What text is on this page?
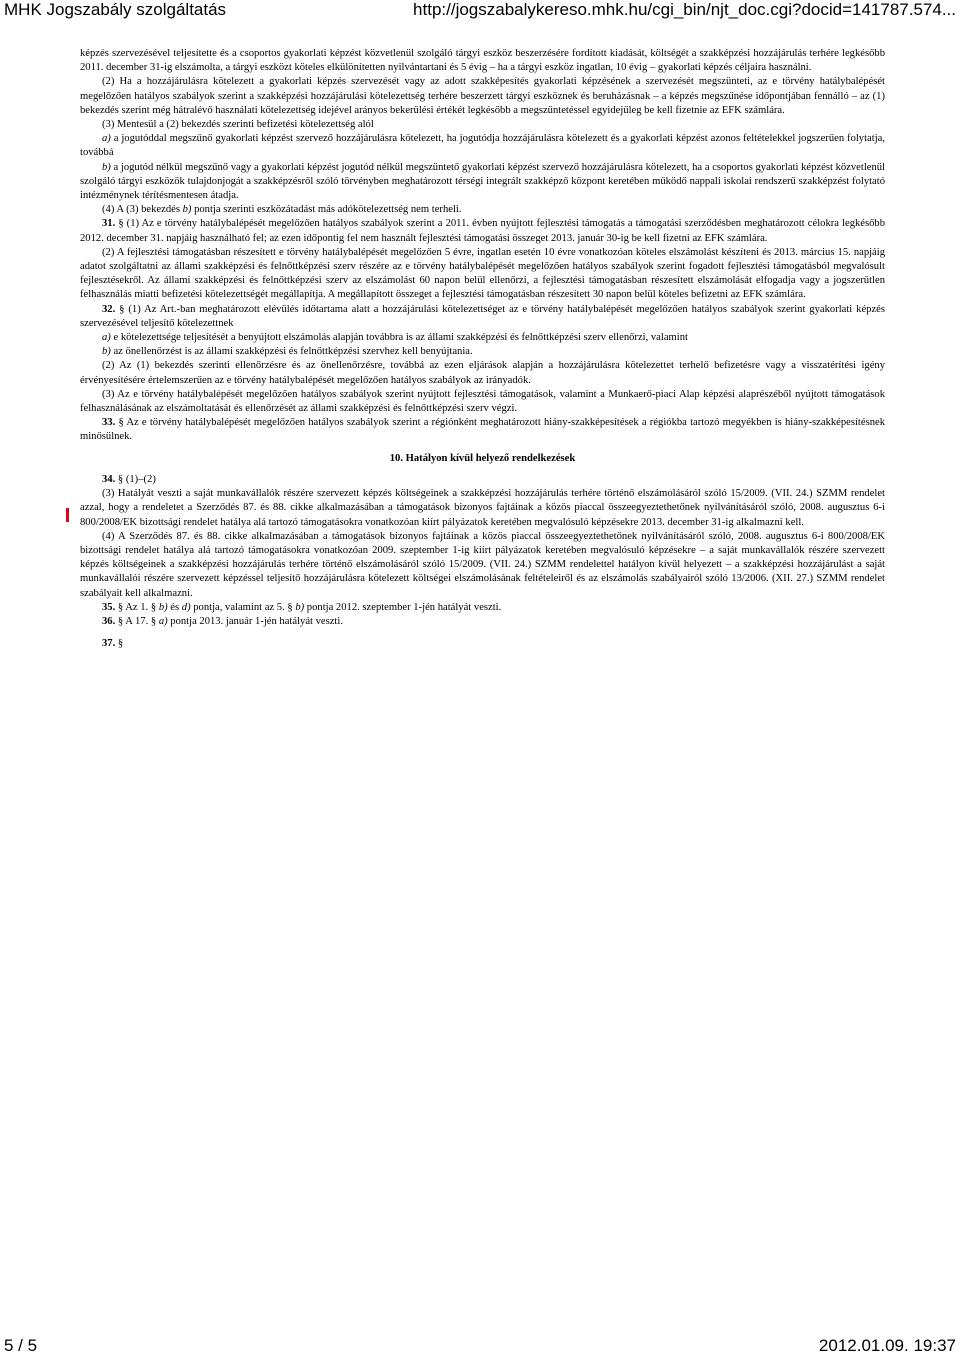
MHK Jogszabály szolgáltatás	http://jogszabalykereso.mhk.hu/cgi_bin/njt_doc.cgi?docid=141787.574...

képzés szervezésével teljesítette és a csoportos gyakorlati képzést közvetlenül szolgáló tárgyi eszköz beszerzésére fordított kiadását, költségét a szakképzési hozzájárulás terhére legkésőbb 2011. december 31-ig elszámolta, a tárgyi eszközt köteles elkülönítetten nyilvántartani és 5 évig – ha a tárgyi eszköz ingatlan, 10 évig – gyakorlati képzés céljaira használni.

(2) Ha a hozzájárulásra kötelezett a gyakorlati képzés szervezését vagy az adott szakképesítés gyakorlati képzésének a szervezését megszünteti, az e törvény hatálybalépését megelőzően hatályos szabályok szerint a szakképzési hozzájárulási kötelezettség terhére beszerzett tárgyi eszköznek és beruházásnak – a képzés megszűnése időpontjában fennálló – az (1) bekezdés szerint még hátralévő használati kötelezettség idejével arányos bekerülési értékét legkésőbb a megszüntetéssel egyidejűleg be kell fizetnie az EFK számlára.

(3) Mentesül a (2) bekezdés szerinti befizetési kötelezettség alól

a) a jogutóddal megszűnő gyakorlati képzést szervező hozzájárulásra kötelezett, ha jogutódja hozzájárulásra kötelezett és a gyakorlati képzést azonos feltételekkel jogszerűen folytatja, továbbá

b) a jogutód nélkül megszűnő vagy a gyakorlati képzést jogutód nélkül megszüntető gyakorlati képzést szervező hozzájárulásra kötelezett, ha a csoportos gyakorlati képzést közvetlenül szolgáló tárgyi eszközök tulajdonjogát a szakképzésről szóló törvényben meghatározott térségi integrált szakképző központ keretében működő nappali iskolai rendszerű szakképzést folytató intézménynek térítésmentesen átadja.

(4) A (3) bekezdés b) pontja szerinti eszközátadást más adókötelezettség nem terheli.

31. § (1) Az e törvény hatálybalépését megelőzően hatályos szabályok szerint a 2011. évben nyújtott fejlesztési támogatás a támogatási szerződésben meghatározott célokra legkésőbb 2012. december 31. napjáig használható fel; az ezen időpontig fel nem használt fejlesztési támogatási összeget 2013. január 30-ig be kell fizetni az EFK számlára.

(2) A fejlesztési támogatásban részesített e törvény hatálybalépését megelőzően 5 évre, ingatlan esetén 10 évre vonatkozóan köteles elszámolást készíteni és 2013. március 15. napjáig adatot szolgáltatni az állami szakképzési és felnőttképzési szerv részére az e törvény hatálybalépését megelőzően hatályos szabályok szerint fogadott fejlesztési támogatásból megvalósult fejlesztésekről. Az állami szakképzési és felnőttképzési szerv az elszámolást 60 napon belül ellenőrzi, a fejlesztési támogatásban részesített elszámolását elfogadja vagy a jogszerűtlen felhasználás miatti befizetési kötelezettségét megállapítja. A megállapított összeget a fejlesztési támogatásban részesített 30 napon belül köteles befizetni az EFK számlára.

32. § (1) Az Art.-ban meghatározott elévülés időtartama alatt a hozzájárulási kötelezettséget az e törvény hatálybalépését megelőzően hatályos szabályok szerint gyakorlati képzés szervezésével teljesítő kötelezettnek

a) e kötelezettsége teljesítését a benyújtott elszámolás alapján továbbra is az állami szakképzési és felnőttképzési szerv ellenőrzi, valamint

b) az önellenőrzést is az állami szakképzési és felnőttképzési szervhez kell benyújtania.

(2) Az (1) bekezdés szerinti ellenőrzésre és az önellenőrzésre, továbbá az ezen eljárások alapján a hozzájárulásra kötelezettet terhelő befizetésre vagy a visszatérítési igény érvényesítésére értelemszerűen az e törvény hatálybalépését megelőzően hatályos szabályok az irányadók.

(3) Az e törvény hatálybalépését megelőzően hatályos szabályok szerint nyújtott fejlesztési támogatások, valamint a Munkaerő-piaci Alap képzési alaprészéből nyújtott támogatások felhasználásának az elszámoltatását és ellenőrzését az állami szakképzési és felnőttképzési szerv végzi.

33. § Az e törvény hatálybalépését megelőzően hatályos szabályok szerint a régiónként meghatározott hiány-szakképesítések a régiókba tartozó megyékben is hiány-szakképesítésnek minősülnek.

10. Hatályon kívül helyező rendelkezések

34. § (1)–(2)

(3) Hatályát veszti a saját munkavállalók részére szervezett képzés költségeinek a szakképzési hozzájárulás terhére történő elszámolásáról szóló 15/2009. (VII. 24.) SZMM rendelet azzal, hogy a rendeletet a Szerződés 87. és 88. cikke alkalmazásában a támogatások bizonyos fajtáinak a közös piaccal összeegyeztethetőnek nyilvánításáról szóló, 2008. augusztus 6-i 800/2008/EK bizottsági rendelet hatálya alá tartozó támogatásokra vonatkozóan kiírt pályázatok keretében megvalósuló képzésekre 2013. december 31-ig alkalmazni kell.

(4) A Szerződés 87. és 88. cikke alkalmazásában a támogatások bizonyos fajtáinak a közös piaccal összeegyeztethetőnek nyilvánításáról szóló, 2008. augusztus 6-i 800/2008/EK bizottsági rendelet hatálya alá tartozó támogatásokra vonatkozóan 2009. szeptember 1-ig kiírt pályázatok keretében megvalósuló képzésekre – a saját munkavállalók részére szervezett képzés költségeinek a szakképzési hozzájárulás terhére történő elszámolásáról szóló 15/2009. (VII. 24.) SZMM rendelettel hatályon kívül helyezett – a szakképzési hozzájárulást a saját munkavállalói részére szervezett képzéssel teljesítő hozzájárulásra kötelezett költségei elszámolásának feltételeiről és az elszámolás szabályairól szóló 13/2006. (XII. 27.) SZMM rendelet szabályait kell alkalmazni.

35. § Az 1. § b) és d) pontja, valamint az 5. § b) pontja 2012. szeptember 1-jén hatályát veszti.

36. § A 17. § a) pontja 2013. január 1-jén hatályát veszti.

37. §

5 / 5	2012.01.09. 19:37
